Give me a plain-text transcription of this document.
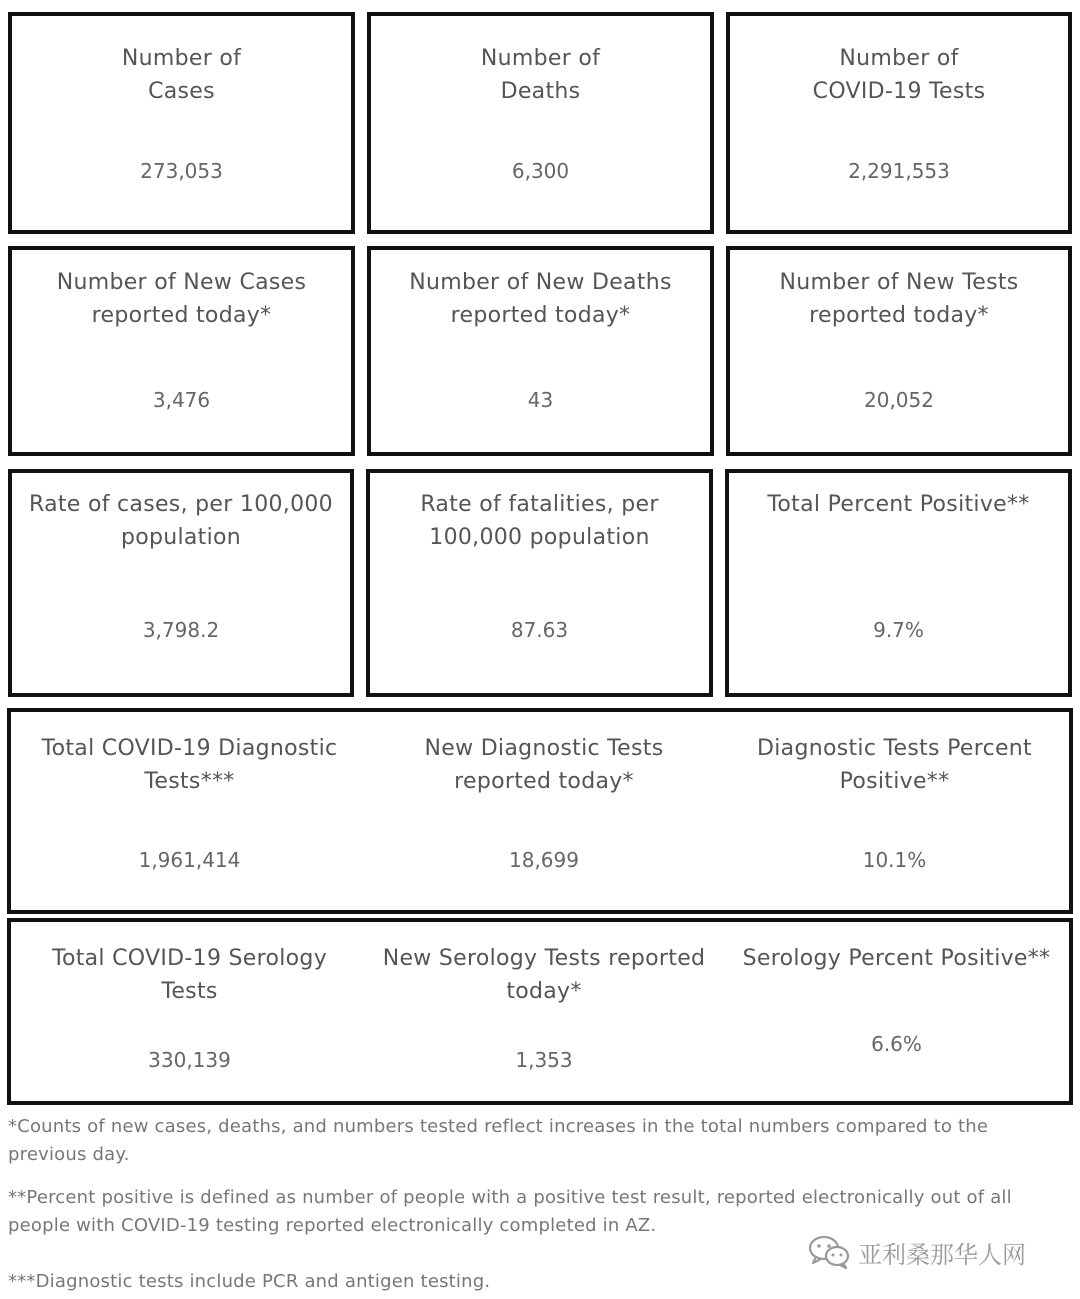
Number of
Cases
273,053
Number of
Deaths
6,300
Number of
COVID-19 Tests
2,291,553
Number of New Cases
reported today*
3,476
Number of New Deaths
reported today*
43
Number of New Tests
reported today*
20,052
Rate of cases, per 100,000
population
3,798.2
Rate of fatalities, per
100,000 population
87.63
Total Percent Positive**
9.7%
Total COVID-19 Diagnostic
Tests***
1,961,414
New Diagnostic Tests
reported today*
18,699
Diagnostic Tests Percent
Positive**
10.1%
Total COVID-19 Serology
Tests
330,139
New Serology Tests reported
today*
1,353
Serology Percent Positive**
6.6%
*Counts of new cases, deaths, and numbers tested reflect increases in the total numbers compared to the
previous day.
**Percent positive is defined as number of people with a positive test result, reported electronically out of all
people with COVID-19 testing reported electronically completed in AZ.
***Diagnostic tests include PCR and antigen testing.
亚利桑那华人网
